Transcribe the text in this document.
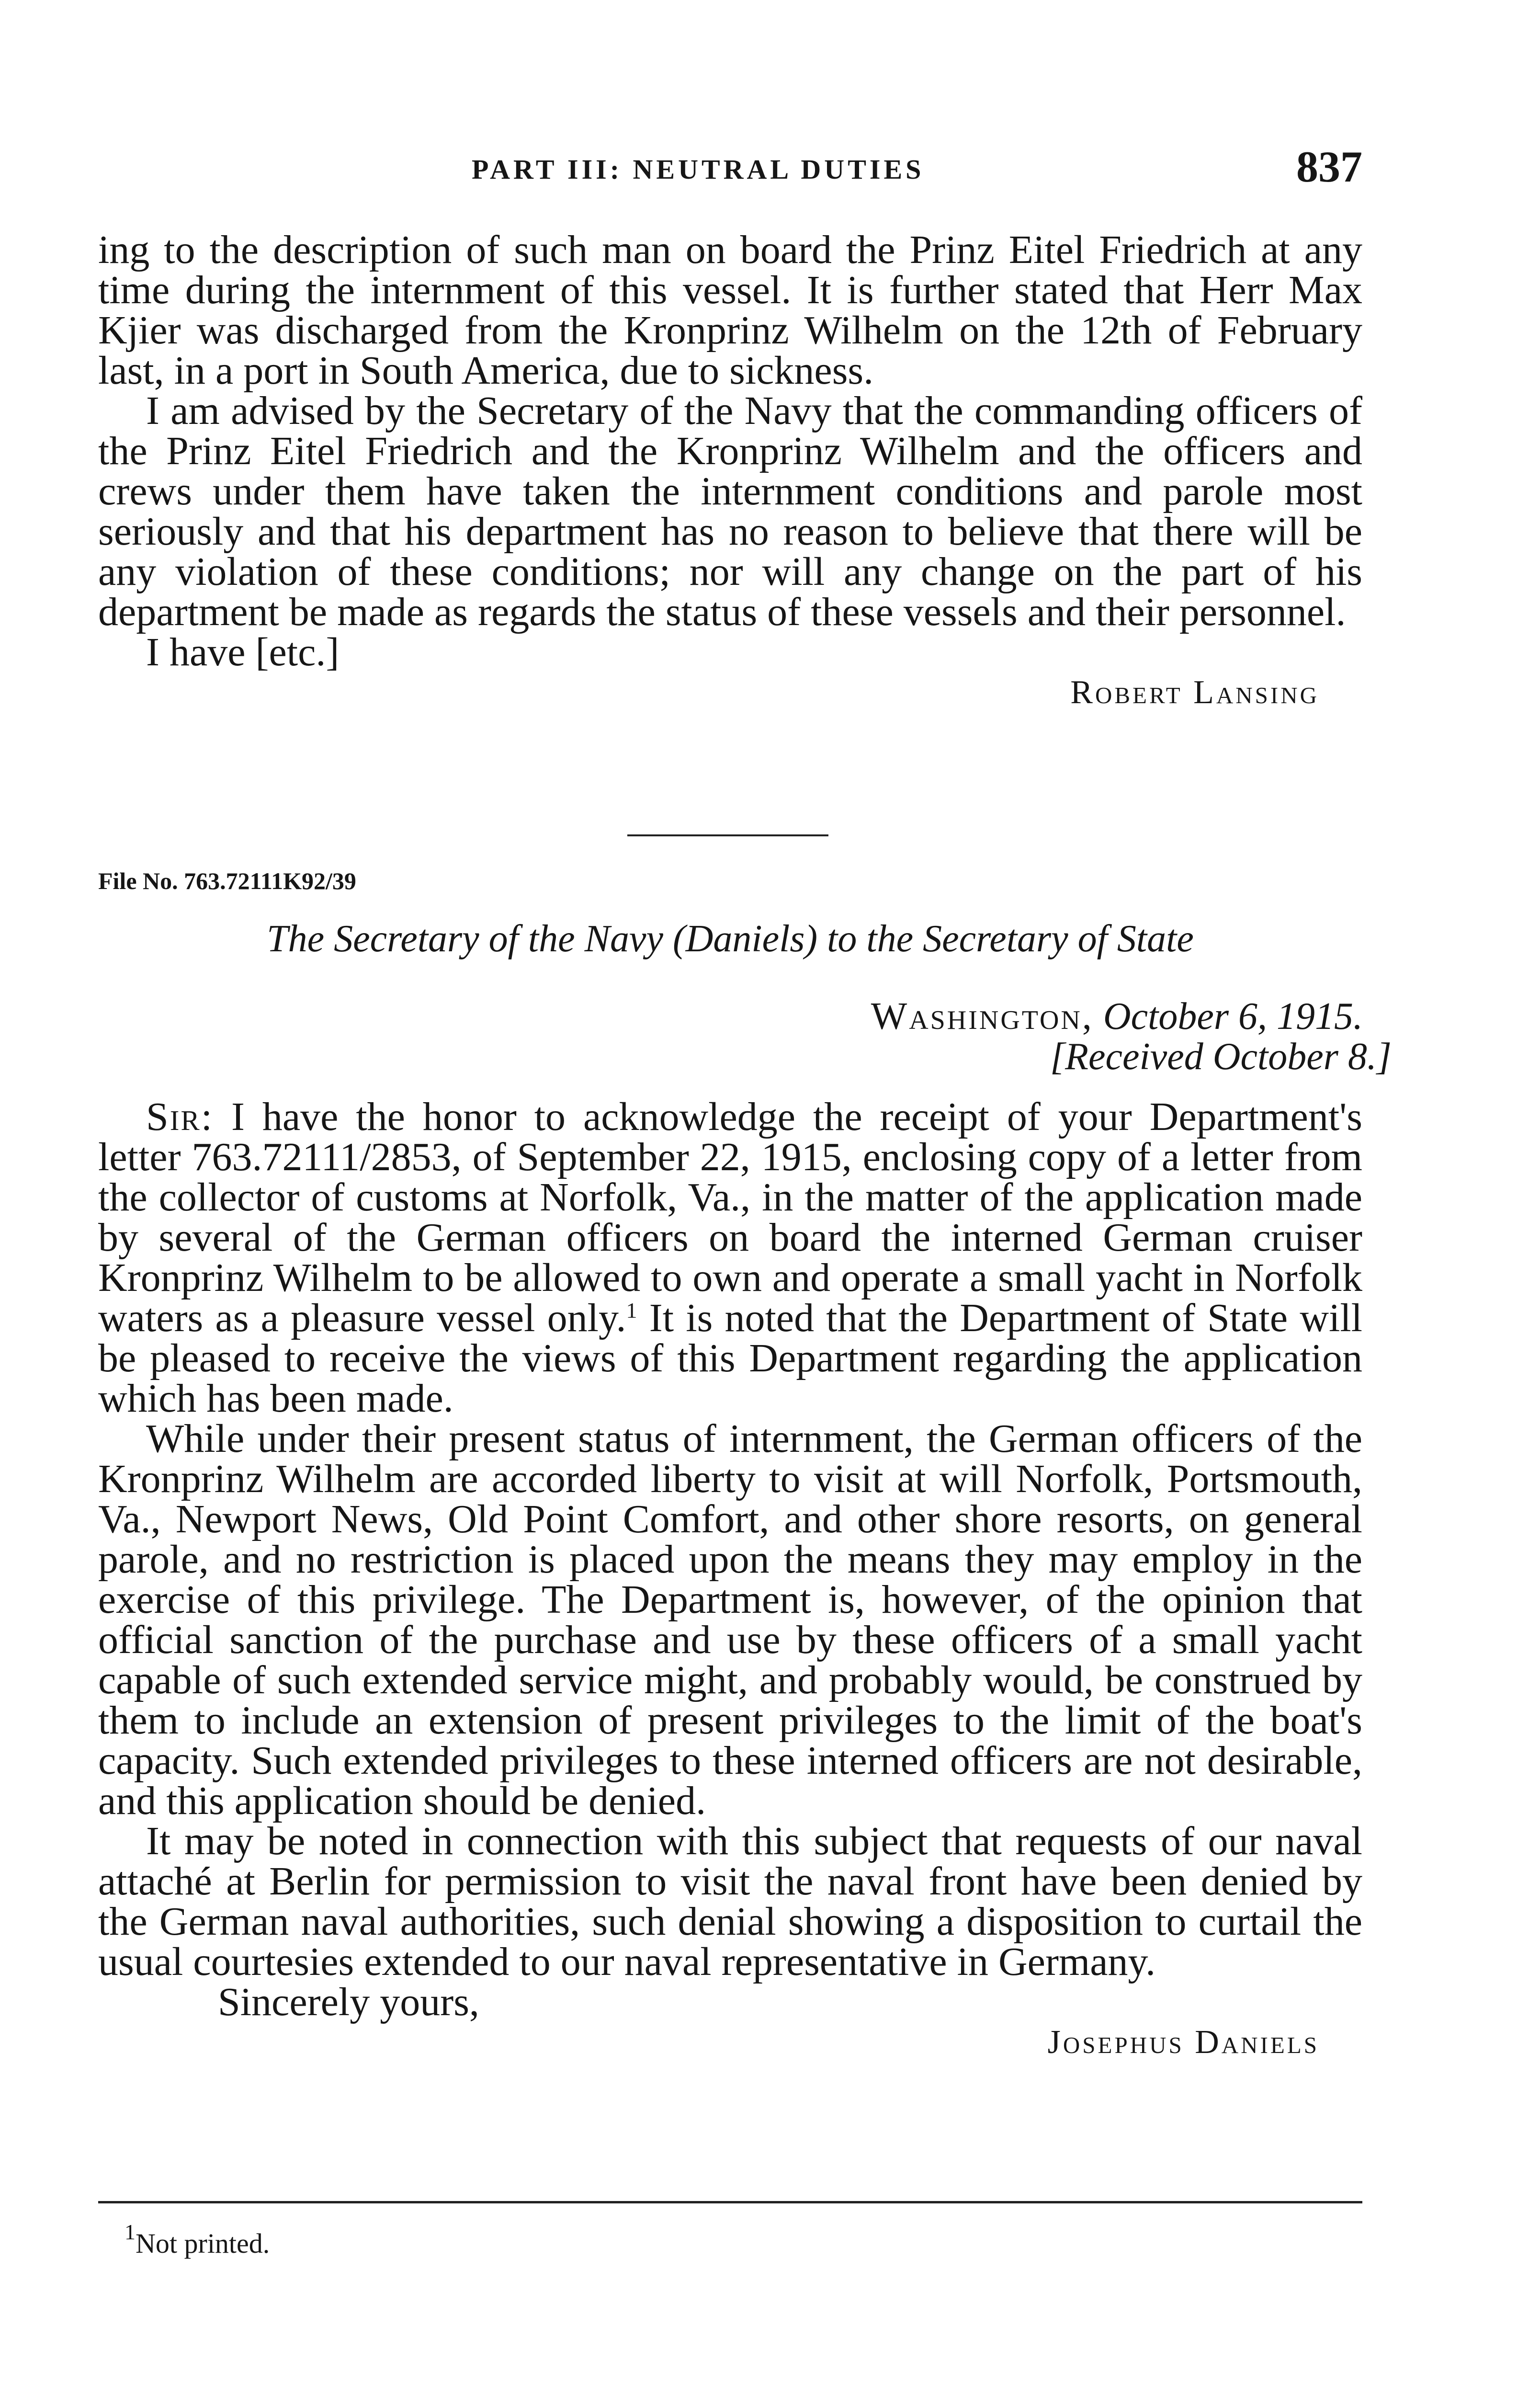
PART III: NEUTRAL DUTIES	837

ing to the description of such man on board the Prinz Eitel Friedrich at any time during the internment of this vessel. It is further stated that Herr Max Kjier was discharged from the Kronprinz Wilhelm on the 12th of February last, in a port in South America, due to sickness.

I am advised by the Secretary of the Navy that the commanding officers of the Prinz Eitel Friedrich and the Kronprinz Wilhelm and the officers and crews under them have taken the internment conditions and parole most seriously and that his department has no reason to believe that there will be any violation of these conditions; nor will any change on the part of his department be made as regards the status of these vessels and their personnel.

I have [etc.]

Robert Lansing

File No. 763.72111K92/39
The Secretary of the Navy (Daniels) to the Secretary of State
Washington, October 6, 1915.
[Received October 8.]

Sir: I have the honor to acknowledge the receipt of your Department's letter 763.72111/2853, of September 22, 1915, enclosing copy of a letter from the collector of customs at Norfolk, Va., in the matter of the application made by several of the German officers on board the interned German cruiser Kronprinz Wilhelm to be allowed to own and operate a small yacht in Norfolk waters as a pleasure vessel only.$^1$ It is noted that the Department of State will be pleased to receive the views of this Department regarding the application which has been made.

While under their present status of internment, the German officers of the Kronprinz Wilhelm are accorded liberty to visit at will Norfolk, Portsmouth, Va., Newport News, Old Point Comfort, and other shore resorts, on general parole, and no restriction is placed upon the means they may employ in the exercise of this privilege. The Department is, however, of the opinion that official sanction of the purchase and use by these officers of a small yacht capable of such extended service might, and probably would, be construed by them to include an extension of present privileges to the limit of the boat's capacity. Such extended privileges to these interned officers are not desirable, and this application should be denied.

It may be noted in connection with this subject that requests of our naval attaché at Berlin for permission to visit the naval front have been denied by the German naval authorities, such denial showing a disposition to curtail the usual courtesies extended to our naval representative in Germany.

Sincerely yours,

Josephus Daniels

$^1$Not printed.
